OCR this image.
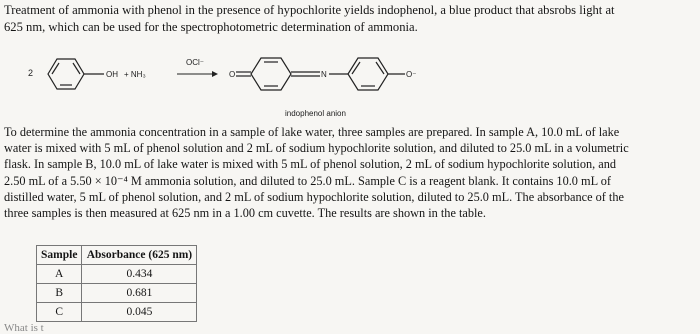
Treatment of ammonia with phenol in the presence of hypochlorite yields indophenol, a blue product that absrobs light at
625 nm, which can be used for the spectrophotometric determination of ammonia.

2	OH + NH₃
OCl⁻
O	N	O⁻
indophenol anion

To determine the ammonia concentration in a sample of lake water, three samples are prepared. In sample A, 10.0 mL of lake
water is mixed with 5 mL of phenol solution and 2 mL of sodium hypochlorite solution, and diluted to 25.0 mL in a volumetric
flask. In sample B, 10.0 mL of lake water is mixed with 5 mL of phenol solution, 2 mL of sodium hypochlorite solution, and
2.50 mL of a 5.50 × 10⁻⁴ M ammonia solution, and diluted to 25.0 mL. Sample C is a reagent blank. It contains 10.0 mL of
distilled water, 5 mL of phenol solution, and 2 mL of sodium hypochlorite solution, diluted to 25.0 mL. The absorbance of the
three samples is then measured at 625 nm in a 1.00 cm cuvette. The results are shown in the table.

Sample	Absorbance (625 nm)
A	0.434
B	0.681
C	0.045
What is t
